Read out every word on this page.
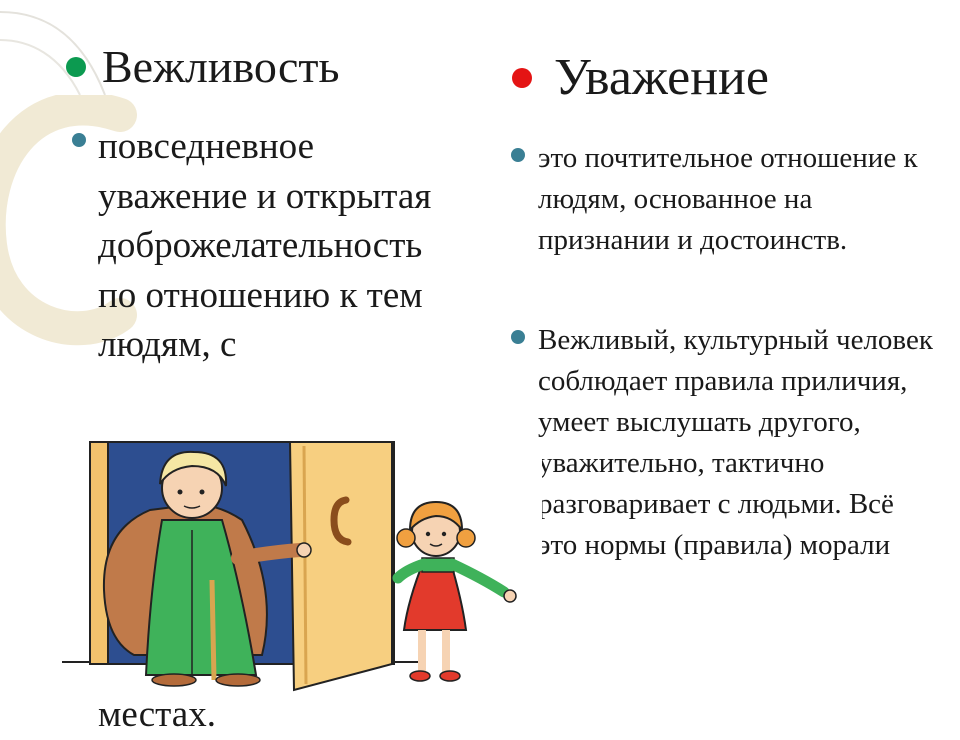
Вежливость	Уважение
повседневное уважение и открытая доброжелательность по отношению к тем людям, с
это почтительное отношение к людям, основанное на признании и достоинств.
Вежливый, культурный человек соблюдает правила приличия, умеет выслушать другого, уважительно, тактично разговаривает с людьми. Всё это нормы (правила) морали
местах.
